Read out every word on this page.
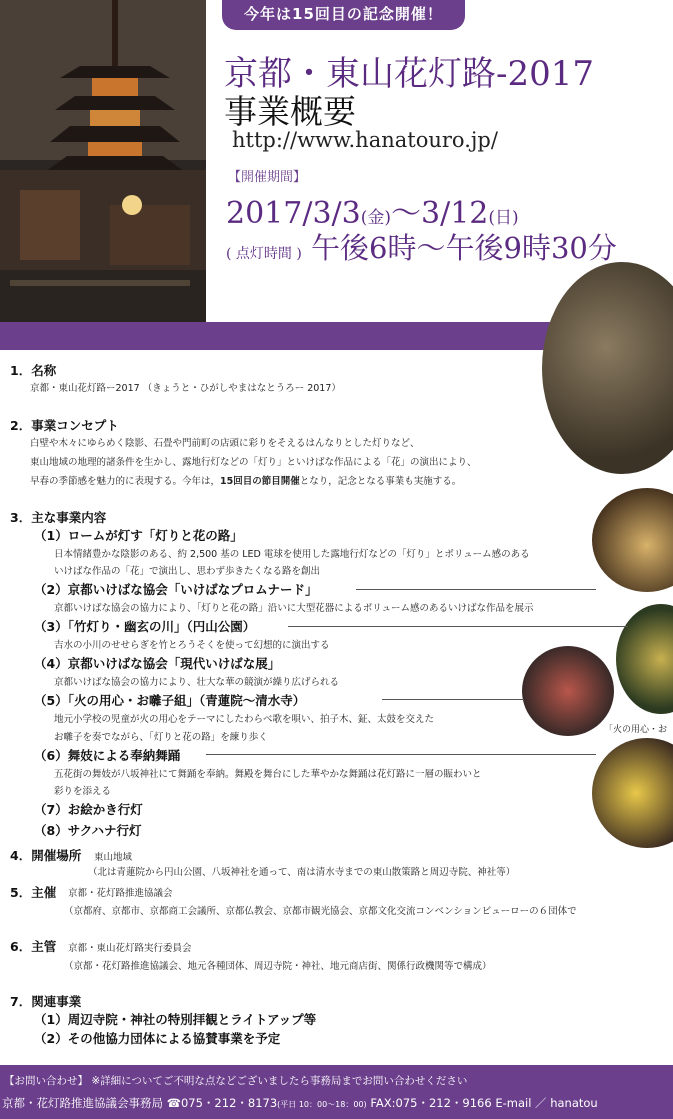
今年は15回目の記念開催！
京都・東山花灯路-2017
事業概要
http://www.hanatouro.jp/
【開催期間】
2017/3/3(金)〜3/12(日)
( 点灯時間 ) 午後6時〜午後9時30分
「火の用心・お
1．名称
京都・東山花灯路ー2017 （きょうと・ひがしやまはなとうろー 2017）
2．事業コンセプト
白壁や木々にゆらめく陰影、石畳や門前町の店頭に彩りをそえるはんなりとした灯りなど、
東山地域の地理的諸条件を生かし、露地行灯などの「灯り」といけばな作品による「花」の演出により、
早春の季節感を魅力的に表現する。今年は，15回目の節目開催となり，記念となる事業も実施する。
3．主な事業内容
（1）ロームが灯す「灯りと花の路」
日本情緒豊かな陰影のある、約 2,500 基の LED 電球を使用した露地行灯などの「灯り」とボリューム感のある
いけばな作品の「花」で演出し、思わず歩きたくなる路を創出
（2）京都いけばな協会「いけばなプロムナード」
京都いけばな協会の協力により、「灯りと花の路」沿いに大型花器によるボリューム感のあるいけばな作品を展示
（3）「竹灯り・幽玄の川」（円山公園）
吉水の小川のせせらぎを竹とろうそくを使って幻想的に演出する
（4）京都いけばな協会「現代いけばな展」
京都いけばな協会の協力により、壮大な華の競演が繰り広げられる
（5）「火の用心・お囃子組」（青蓮院〜清水寺）
地元小学校の児童が火の用心をテーマにしたわらべ歌を唄い、拍子木、鉦、太鼓を交えた
お囃子を奏でながら、「灯りと花の路」を練り歩く
（6）舞妓による奉納舞踊
五花街の舞妓が八坂神社にて舞踊を奉納。舞殿を舞台にした華やかな舞踊は花灯路に一層の賑わいと
彩りを添える
（7）お絵かき行灯
（8）サクハナ行灯
4．開催場所 東山地域
（北は青蓮院から円山公園、八坂神社を通って、南は清水寺までの東山散策路と周辺寺院、神社等）
5．主催 京都・花灯路推進協議会
（京都府、京都市、京都商工会議所、京都仏教会、京都市観光協会、京都文化交流コンベンションビューローの６団体で
6．主管 京都・東山花灯路実行委員会
（京都・花灯路推進協議会、地元各種団体、周辺寺院・神社、地元商店街、関係行政機関等で構成）
7．関連事業
（1）周辺寺院・神社の特別拝観とライトアップ等
（2）その他協力団体による協賛事業を予定
【お問い合わせ】 ※詳細についてご不明な点などございましたら事務局までお問い合わせください
京都・花灯路推進協議会事務局 ☎075・212・8173(平日 10：00〜18：00) FAX:075・212・9166 E-mail ／ hanatou
